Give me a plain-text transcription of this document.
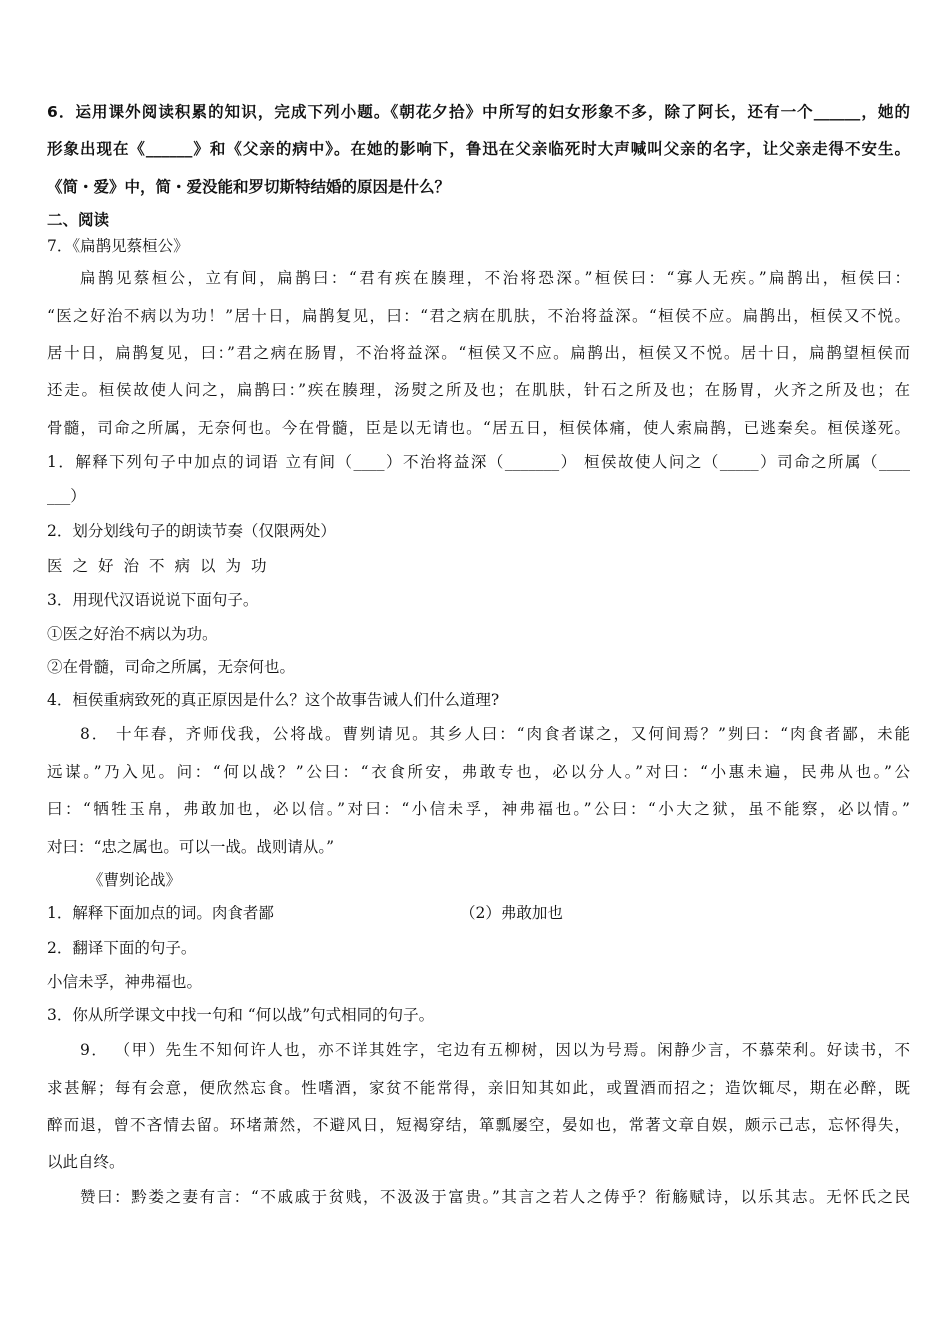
6．运用课外阅读积累的知识，完成下列小题。《朝花夕拾》中所写的妇女形象不多，除了阿长，还有一个______，她的
形象出现在《______》和《父亲的病中》。在她的影响下，鲁迅在父亲临死时大声喊叫父亲的名字，让父亲走得不安生。
《简・爱》中，简・爱没能和罗切斯特结婚的原因是什么？
二、阅读
7．《扁鹊见蔡桓公》
扁鹊见蔡桓公，立有间，扁鹊曰：“君有疾在腠理，不治将恐深。”桓侯曰：“寡人无疾。”扁鹊出，桓侯曰：
“医之好治不病以为功！”居十日，扁鹊复见，曰：“君之病在肌肤，不治将益深。“桓侯不应。扁鹊出，桓侯又不悦。
居十日，扁鹊复见，曰：”君之病在肠胃，不治将益深。“桓侯又不应。扁鹊出，桓侯又不悦。居十日，扁鹊望桓侯而
还走。桓侯故使人问之，扁鹊曰：”疾在腠理，汤熨之所及也；在肌肤，针石之所及也；在肠胃，火齐之所及也；在
骨髓，司命之所属，无奈何也。今在骨髓，臣是以无请也。“居五日，桓侯体痛，使人索扁鹊，已逃秦矣。桓侯遂死。
1．解释下列句子中加点的词语 立有间（____）不治将益深（_______） 桓侯故使人问之（_____）司命之所属（____
___）
2．划分划线句子的朗读节奏（仅限两处）
医之好治不病以为功
3．用现代汉语说说下面句子。
①医之好治不病以为功。
②在骨髓，司命之所属，无奈何也。
4．桓侯重病致死的真正原因是什么？这个故事告诫人们什么道理?
8． 十年春，齐师伐我，公将战。曹刿请见。其乡人曰：“肉食者谋之，又何间焉？”刿曰：“肉食者鄙，未能
远谋。”乃入见。问：“何以战？”公曰：“衣食所安，弗敢专也，必以分人。”对曰：“小惠未遍，民弗从也。”公
曰：“牺牲玉帛，弗敢加也，必以信。”对曰：“小信未孚，神弗福也。”公曰：“小大之狱，虽不能察，必以情。”
对曰：“忠之属也。可以一战。战则请从。”
《曹刿论战》
1．解释下面加点的词。肉食者鄙	（2）弗敢加也
2．翻译下面的句子。
小信未孚，神弗福也。
3．你从所学课文中找一句和 “何以战”句式相同的句子。
9． （甲）先生不知何许人也，亦不详其姓字，宅边有五柳树，因以为号焉。闲静少言，不慕荣利。好读书，不
求甚解；每有会意，便欣然忘食。性嗜酒，家贫不能常得，亲旧知其如此，或置酒而招之；造饮辄尽，期在必醉，既
醉而退，曾不吝情去留。环堵萧然，不避风日，短褐穿结，箪瓢屡空，晏如也，常著文章自娱，颇示己志，忘怀得失，
以此自终。
赞曰：黔娄之妻有言：“不戚戚于贫贱，不汲汲于富贵。”其言之若人之俦乎？衔觞赋诗，以乐其志。无怀氏之民
